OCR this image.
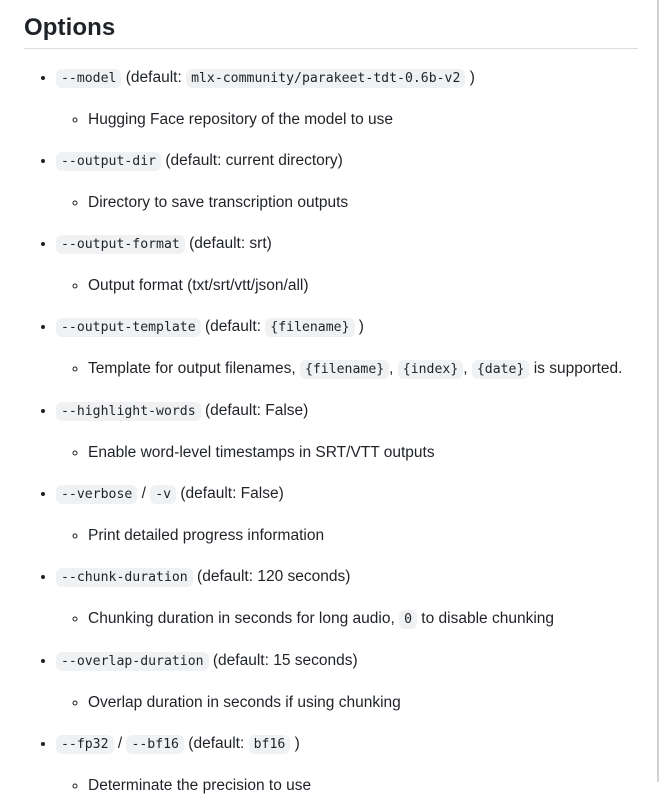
Options

• --model (default: mlx-community/parakeet-tdt-0.6b-v2 )

◦ Hugging Face repository of the model to use

• --output-dir (default: current directory)

◦ Directory to save transcription outputs

• --output-format (default: srt)

◦ Output format (txt/srt/vtt/json/all)

• --output-template (default: {filename} )

◦ Template for output filenames, {filename} , {index} , {date} is supported.

• --highlight-words (default: False)

◦ Enable word-level timestamps in SRT/VTT outputs

• --verbose / -v (default: False)

◦ Print detailed progress information

• --chunk-duration (default: 120 seconds)

◦ Chunking duration in seconds for long audio, 0 to disable chunking

• --overlap-duration (default: 15 seconds)

◦ Overlap duration in seconds if using chunking

• --fp32 / --bf16 (default: bf16 )

◦ Determinate the precision to use
